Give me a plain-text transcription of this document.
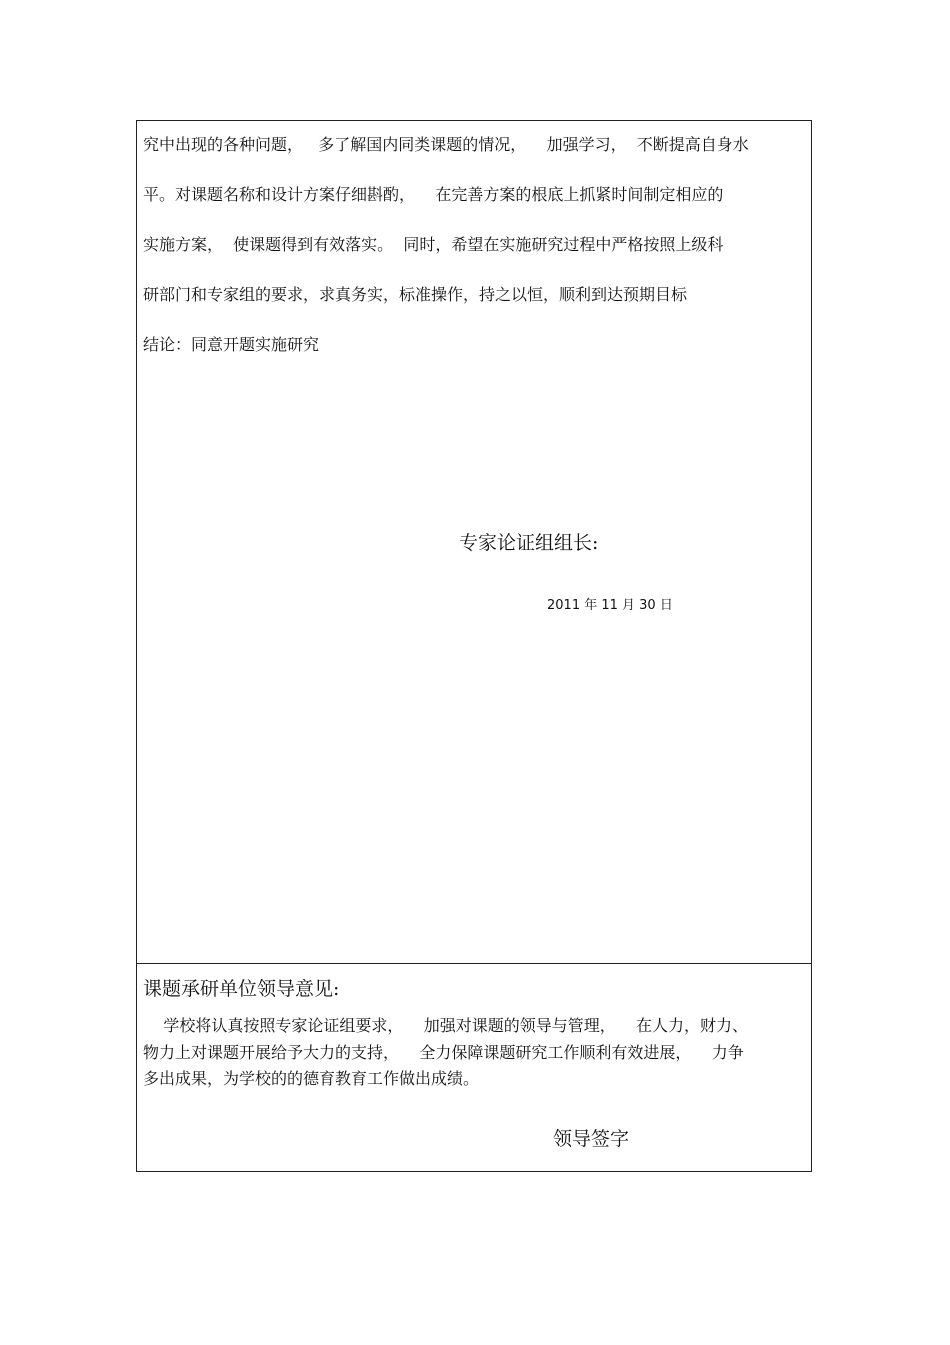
究中出现的各种问题，   多了解国内同类课题的情况，    加强学习，  不断提高自身水
平。对课题名称和设计方案仔细斟酌，    在完善方案的根底上抓紧时间制定相应的
实施方案，  使课题得到有效落实。  同时，希望在实施研究过程中严格按照上级科
研部门和专家组的要求，求真务实，标准操作，持之以恒，顺利到达预期目标
结论：同意开题实施研究
专家论证组组长:
2011 年 11 月 30 日
课题承研单位领导意见:
学校将认真按照专家论证组要求，    加强对课题的领导与管理，    在人力，财力、
物力上对课题开展给予大力的支持，    全力保障课题研究工作顺利有效进展，    力争
多出成果，为学校的的德育教育工作做出成绩。
领导签字
